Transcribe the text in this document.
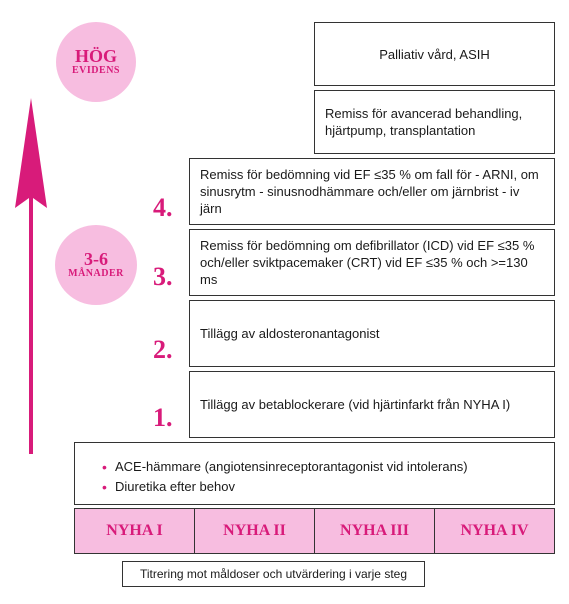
HÖG
EVIDENS
3-6
MÅNADER
4.
3.
2.
1.
Palliativ vård, ASIH
Remiss för avancerad behandling, hjärtpump, transplantation
Remiss för bedömning vid EF ≤35 % om fall för - ARNI, om sinusrytm - sinusnodhämmare och/eller om järnbrist - iv järn
Remiss för bedömning om defibrillator (ICD) vid EF ≤35 % och/eller sviktpacemaker (CRT) vid EF ≤35 % och >=130 ms
Tillägg av aldosteronantagonist
Tillägg av betablockerare (vid hjärtinfarkt från NYHA I)
• ACE-hämmare (angiotensinreceptorantagonist vid intolerans)
• Diuretika efter behov
NYHA I	NYHA II	NYHA III	NYHA IV
Titrering mot måldoser och utvärdering i varje steg
